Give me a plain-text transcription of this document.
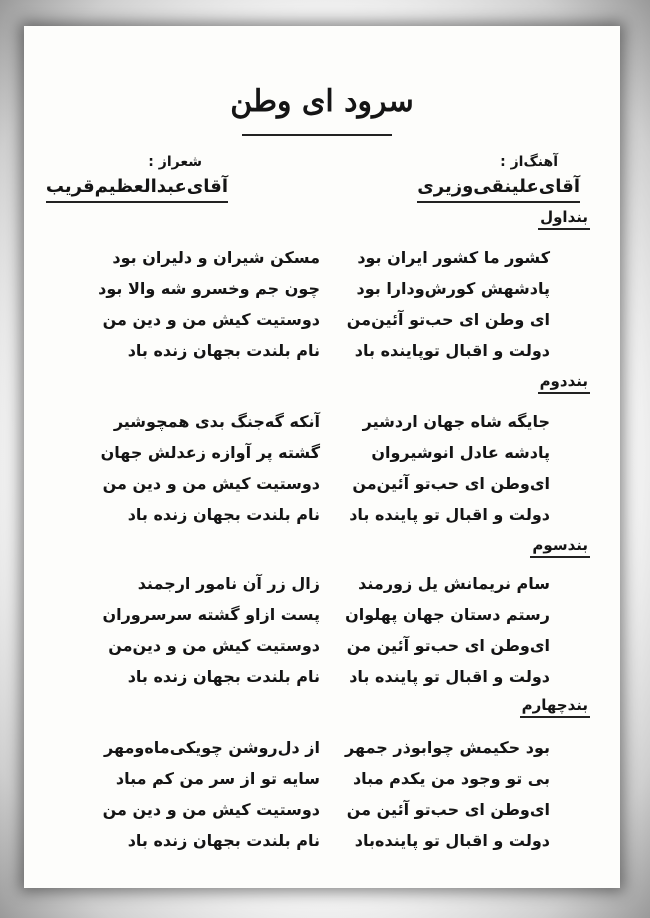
سرود ای وطن
آهنگ‌از :
آقای‌علینقی‌وزیری
شعراز :
آقای‌عبدالعظیم‌قریب
بنداول
کشور ما کشور ایران بود
مسکن شیران و دلیران بود
پادشهش کورش‌ودارا بود
چون جم وخسرو شه والا بود
ای وطن ای حب‌تو آئین‌من
دوستیت کیش من و دین من
دولت و اقبال توپاینده باد
نام بلندت بجهان زنده باد
بنددوم
جایگه شاه جهان اردشیر
آنکه گه‌جنگ بدی همچوشیر
پادشه عادل انوشیروان
گشته پر آوازه زعدلش جهان
ای‌وطن ای حب‌تو آئین‌من
دوستیت کیش من و دین من
دولت و اقبال تو پاینده باد
نام بلندت بجهان زنده باد
بندسوم
سام نریمانش یل زورمند
زال زر آن نامور ارجمند
رستم دستان جهان پهلوان
پست ازاو گشته سرسروران
ای‌وطن ای حب‌تو آئین من
دوستیت کیش من و دین‌من
دولت و اقبال تو پاینده باد
نام بلندت بجهان زنده باد
بندچهارم
بود حکیمش چوابوذر جمهر
از دل‌روشن چویکی‌ماه‌ومهر
بی تو وجود من یکدم مباد
سایه تو از سر من کم مباد
ای‌وطن ای حب‌تو آئین من
دوستیت کیش من و دین من
دولت و اقبال تو پاینده‌باد
نام بلندت بجهان زنده باد
